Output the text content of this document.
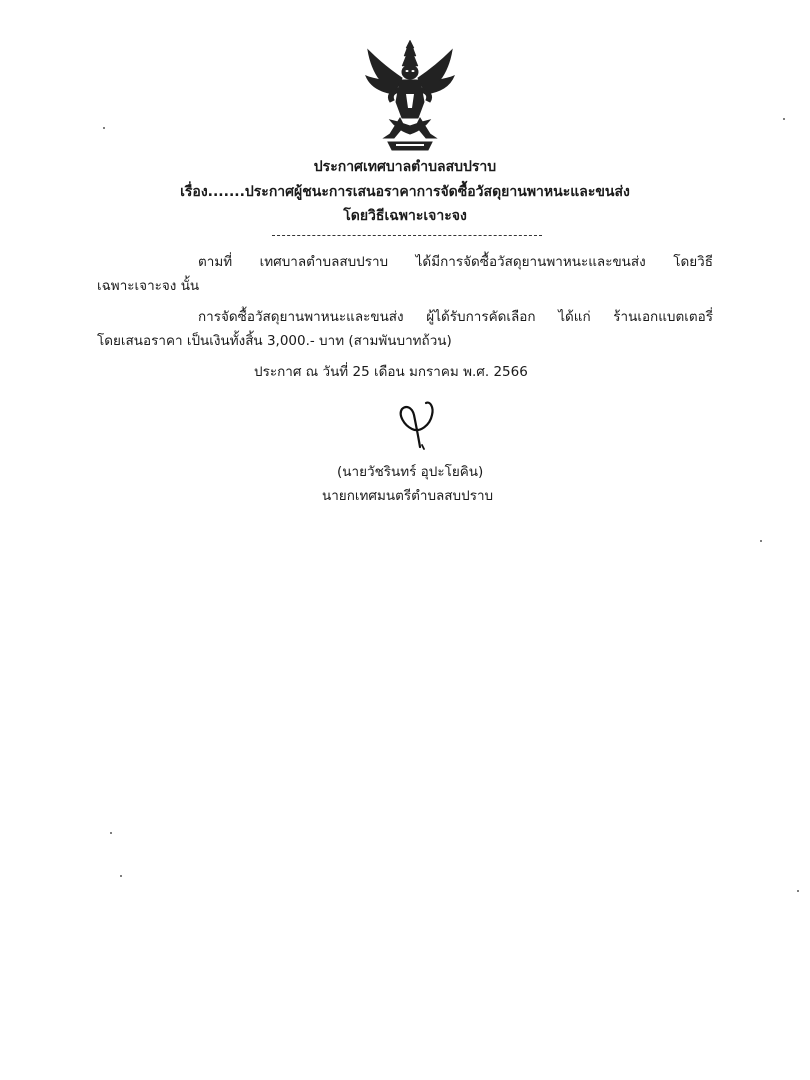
ประกาศเทศบาลตำบลสบปราบ
เรื่อง.......ประกาศผู้ชนะการเสนอราคาการจัดซื้อวัสดุยานพาหนะและขนส่ง
โดยวิธีเฉพาะเจาะจง
ตามที่ เทศบาลตำบลสบปราบ ได้มีการจัดซื้อวัสดุยานพาหนะและขนส่ง โดยวิธี
เฉพาะเจาะจง นั้น
การจัดซื้อวัสดุยานพาหนะและขนส่ง ผู้ได้รับการคัดเลือก ได้แก่ ร้านเอกแบตเตอรี่
โดยเสนอราคา เป็นเงินทั้งสิ้น 3,000.- บาท (สามพันบาทถ้วน)
ประกาศ ณ วันที่ 25 เดือน มกราคม พ.ศ. 2566
(นายวัชรินทร์ อุปะโยคิน)
นายกเทศมนตรีตำบลสบปราบ
